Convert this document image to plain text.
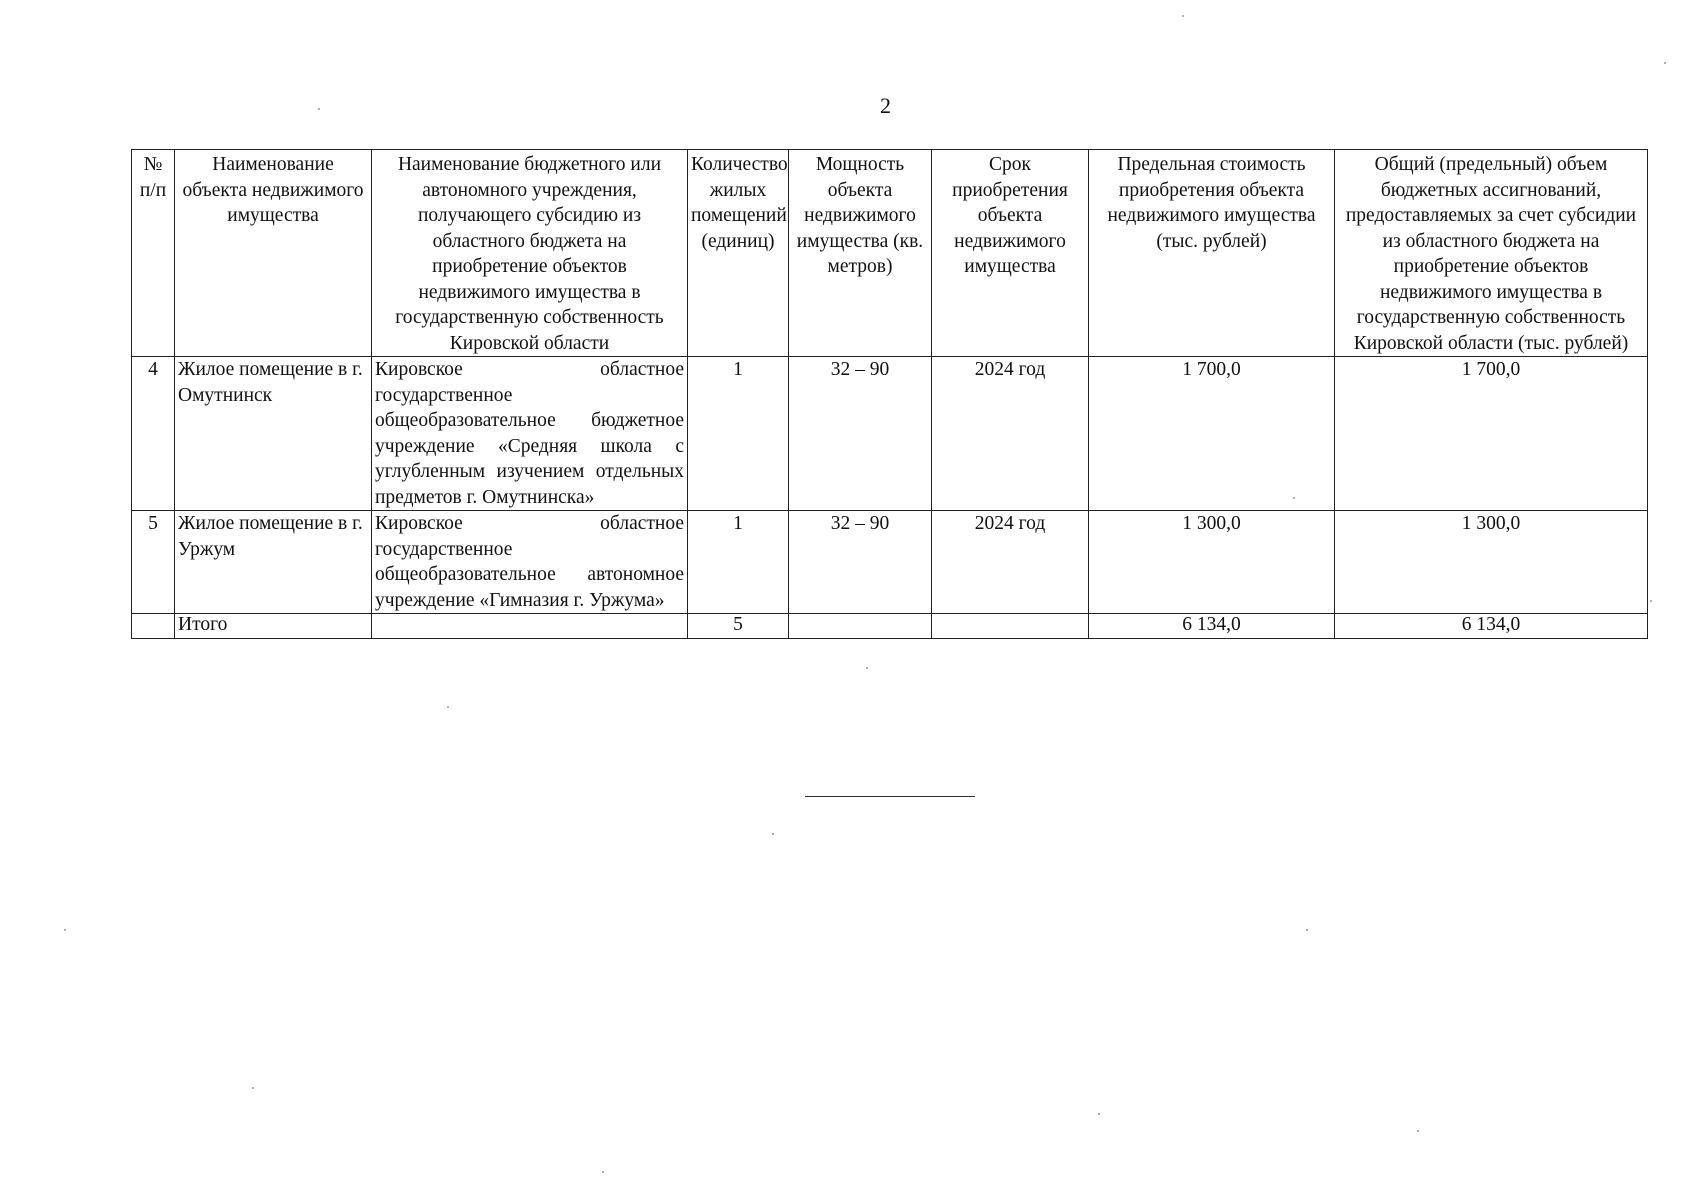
2
№ п/п	Наименование объекта недвижимого имущества	Наименование бюджетного или автономного учреждения, получающего субсидию из областного бюджета на приобретение объектов недвижимого имущества в государственную собственность Кировской области	Количество жилых помещений (единиц)	Мощность объекта недвижимого имущества (кв. метров)	Срок приобретения объекта недвижимого имущества	Предельная стоимость приобретения объекта недвижимого имущества (тыс. рублей)	Общий (предельный) объем бюджетных ассигнований, предоставляемых за счет субсидии из областного бюджета на приобретение объектов недвижимого имущества в государственную собственность Кировской области (тыс. рублей)
4	Жилое помещение в г. Омутнинск	Кировское областное государственное общеобразовательное бюджетное учреждение «Средняя школа с углубленным изучением отдельных предметов г. Омутнинска»	1	32 – 90	2024 год	1 700,0	1 700,0
5	Жилое помещение в г. Уржум	Кировское областное государственное общеобразовательное автономное учреждение «Гимназия г. Уржума»	1	32 – 90	2024 год	1 300,0	1 300,0
	Итого		5			6 134,0	6 134,0
